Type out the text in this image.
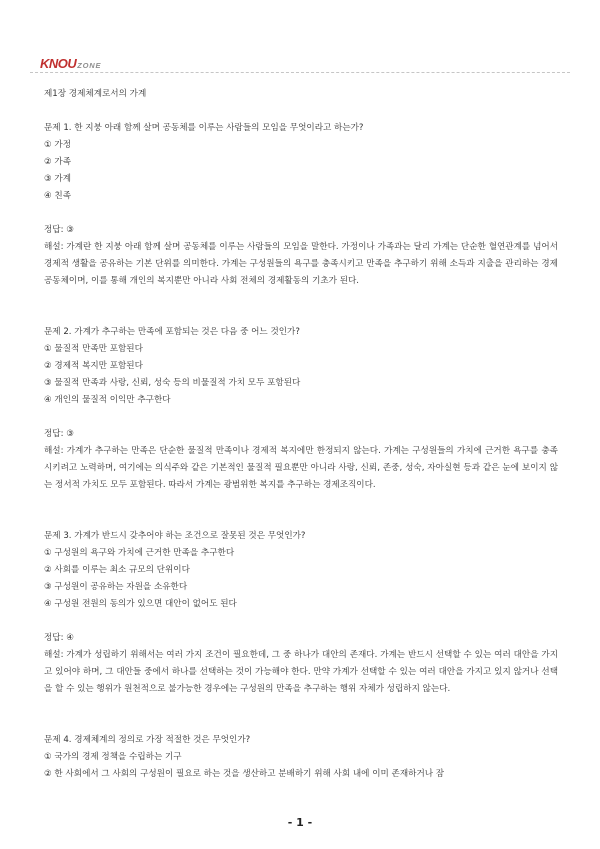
KNOUZONE
제1장 경제체계로서의 가계
문제 1. 한 지붕 아래 함께 살며 공동체를 이루는 사람들의 모임을 무엇이라고 하는가?
① 가정
② 가족
③ 가계
④ 친족
정답: ③
해설: 가계란 한 지붕 아래 함께 살며 공동체를 이루는 사람들의 모임을 말한다. 가정이나 가족과는 달리 가계는 단순한 혈연관계를 넘어서 경제적 생활을 공유하는 기본 단위를 의미한다. 가계는 구성원들의 욕구를 충족시키고 만족을 추구하기 위해 소득과 지출을 관리하는 경제공동체이며, 이를 통해 개인의 복지뿐만 아니라 사회 전체의 경제활동의 기초가 된다.
문제 2. 가계가 추구하는 만족에 포함되는 것은 다음 중 어느 것인가?
① 물질적 만족만 포함된다
② 경제적 복지만 포함된다
③ 물질적 만족과 사랑, 신뢰, 성숙 등의 비물질적 가치 모두 포함된다
④ 개인의 물질적 이익만 추구한다
정답: ③
해설: 가계가 추구하는 만족은 단순한 물질적 만족이나 경제적 복지에만 한정되지 않는다. 가계는 구성원들의 가치에 근거한 욕구를 충족시키려고 노력하며, 여기에는 의식주와 같은 기본적인 물질적 필요뿐만 아니라 사랑, 신뢰, 존중, 성숙, 자아실현 등과 같은 눈에 보이지 않는 정서적 가치도 모두 포함된다. 따라서 가계는 광범위한 복지를 추구하는 경제조직이다.
문제 3. 가계가 반드시 갖추어야 하는 조건으로 잘못된 것은 무엇인가?
① 구성원의 욕구와 가치에 근거한 만족을 추구한다
② 사회를 이루는 최소 규모의 단위이다
③ 구성원이 공유하는 자원을 소유한다
④ 구성원 전원의 동의가 있으면 대안이 없어도 된다
정답: ④
해설: 가계가 성립하기 위해서는 여러 가지 조건이 필요한데, 그 중 하나가 대안의 존재다. 가계는 반드시 선택할 수 있는 여러 대안을 가지고 있어야 하며, 그 대안들 중에서 하나를 선택하는 것이 가능해야 한다. 만약 가계가 선택할 수 있는 여러 대안을 가지고 있지 않거나 선택을 할 수 있는 행위가 원천적으로 불가능한 경우에는 구성원의 만족을 추구하는 행위 자체가 성립하지 않는다.
문제 4. 경제체계의 정의로 가장 적절한 것은 무엇인가?
① 국가의 경제 정책을 수립하는 기구
② 한 사회에서 그 사회의 구성원이 필요로 하는 것을 생산하고 분배하기 위해 사회 내에 이미 존재하거나 잠
- 1 -
